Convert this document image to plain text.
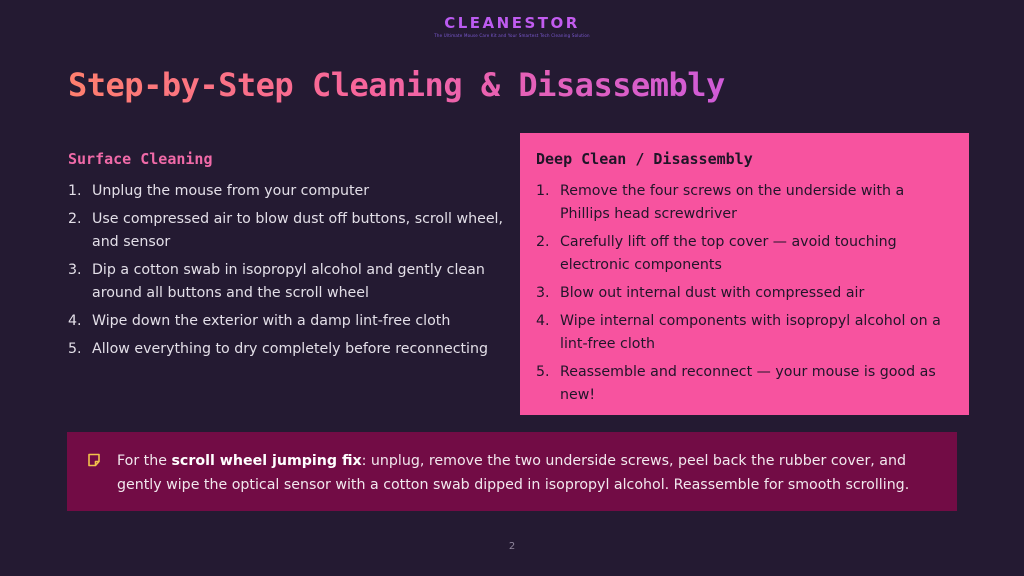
CLEANESTOR
The Ultimate Mouse Care Kit and Your Smartest Tech Cleaning Solution
Step-by-Step Cleaning & Disassembly
Surface Cleaning
1. Unplug the mouse from your computer
2. Use compressed air to blow dust off buttons, scroll wheel, and sensor
3. Dip a cotton swab in isopropyl alcohol and gently clean around all buttons and the scroll wheel
4. Wipe down the exterior with a damp lint-free cloth
5. Allow everything to dry completely before reconnecting
Deep Clean / Disassembly
1. Remove the four screws on the underside with a Phillips head screwdriver
2. Carefully lift off the top cover — avoid touching electronic components
3. Blow out internal dust with compressed air
4. Wipe internal components with isopropyl alcohol on a lint-free cloth
5. Reassemble and reconnect — your mouse is good as new!
For the scroll wheel jumping fix: unplug, remove the two underside screws, peel back the rubber cover, and gently wipe the optical sensor with a cotton swab dipped in isopropyl alcohol. Reassemble for smooth scrolling.
2
